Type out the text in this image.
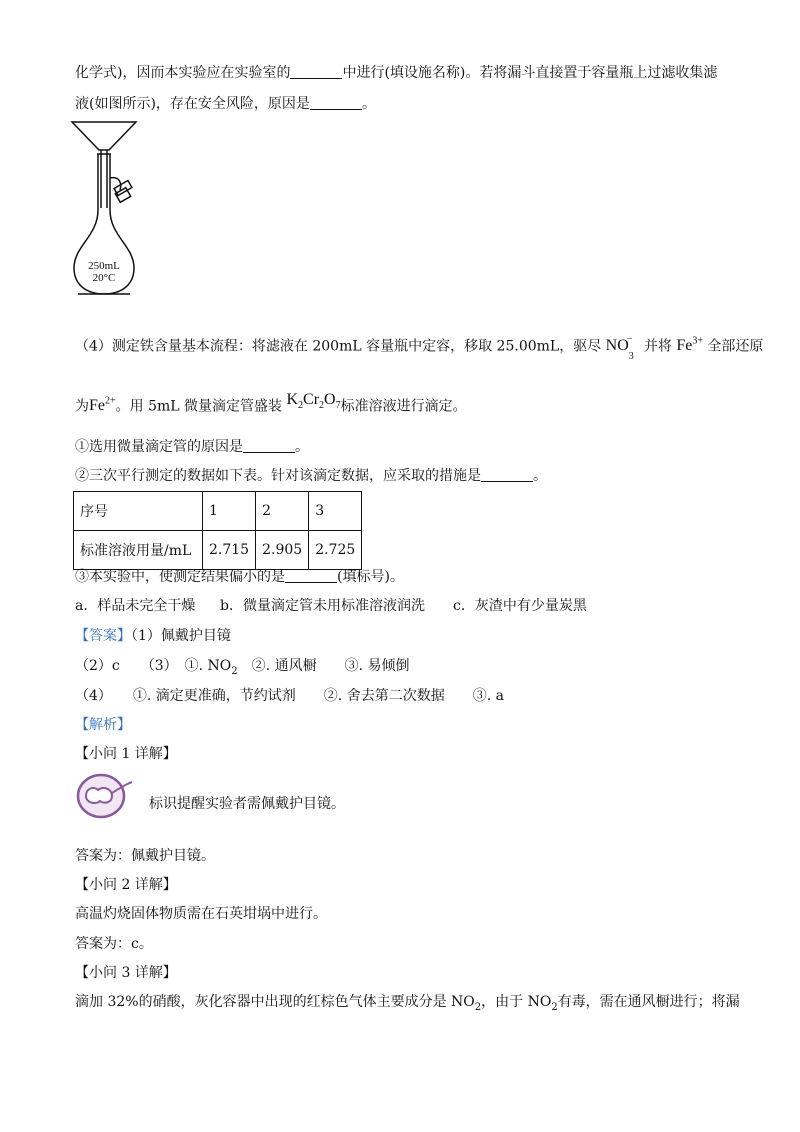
化学式)，因而本实验应在实验室的	中进行(填设施名称)。若将漏斗直接置于容量瓶上过滤收集滤
液(如图所示)，存在安全风险，原因是	。
250mL
20°C
（4）测定铁含量基本流程：将滤液在 200mL 容量瓶中定容，移取 25.00mL，驱尽 $NO_3^-$ 并将 $Fe^{3+}$ 全部还原
为$Fe^{2+}$。用 5mL 微量滴定管盛装 $K_2Cr_2O_7$标准溶液进行滴定。
①选用微量滴定管的原因是	。
②三次平行测定的数据如下表。针对该滴定数据，应采取的措施是	。
序号	1	2	3
标准溶液用量/mL	2.715	2.905	2.725
③本实验中，使测定结果偏小的是	(填标号)。
a．样品未完全干燥 b．微量滴定管未用标准溶液润洗 c．灰渣中有少量炭黑
【答案】（1）佩戴护目镜
（2）c　　（3）　①. $NO_2$　②. 通风橱　　③. 易倾倒
（4）　　①. 滴定更准确，节约试剂　　②. 舍去第二次数据　　③. a
【解析】
【小问 1 详解】
标识提醒实验者需佩戴护目镜。
答案为：佩戴护目镜。
【小问 2 详解】
高温灼烧固体物质需在石英坩埚中进行。
答案为：c。
【小问 3 详解】
滴加 32%的硝酸，灰化容器中出现的红棕色气体主要成分是 $NO_2$，由于 $NO_2$有毒，需在通风橱进行；将漏
